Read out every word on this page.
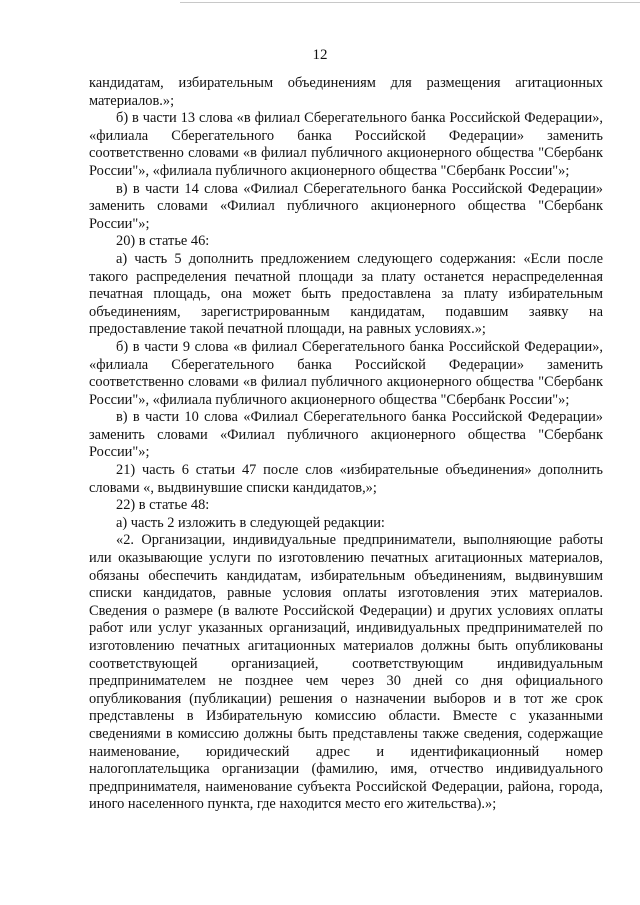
12

кандидатам, избирательным объединениям для размещения агитационных материалов.»;

б) в части 13 слова «в филиал Сберегательного банка Российской Федерации», «филиала Сберегательного банка Российской Федерации» заменить соответственно словами «в филиал публичного акционерного общества "Сбербанк России"», «филиала публичного акционерного общества "Сбербанк России"»;

в) в части 14 слова «Филиал Сберегательного банка Российской Федерации» заменить словами «Филиал публичного акционерного общества "Сбербанк России"»;

20) в статье 46:

а) часть 5 дополнить предложением следующего содержания: «Если после такого распределения печатной площади за плату останется нераспределенная печатная площадь, она может быть предоставлена за плату избирательным объединениям, зарегистрированным кандидатам, подавшим заявку на предоставление такой печатной площади, на равных условиях.»;

б) в части 9 слова «в филиал Сберегательного банка Российской Федерации», «филиала Сберегательного банка Российской Федерации» заменить соответственно словами «в филиал публичного акционерного общества "Сбербанк России"», «филиала публичного акционерного общества "Сбербанк России"»;

в) в части 10 слова «Филиал Сберегательного банка Российской Федерации» заменить словами «Филиал публичного акционерного общества "Сбербанк России"»;

21) часть 6 статьи 47 после слов «избирательные объединения» дополнить словами «, выдвинувшие списки кандидатов,»;

22) в статье 48:

а) часть 2 изложить в следующей редакции:

«2. Организации, индивидуальные предприниматели, выполняющие работы или оказывающие услуги по изготовлению печатных агитационных материалов, обязаны обеспечить кандидатам, избирательным объединениям, выдвинувшим списки кандидатов, равные условия оплаты изготовления этих материалов. Сведения о размере (в валюте Российской Федерации) и других условиях оплаты работ или услуг указанных организаций, индивидуальных предпринимателей по изготовлению печатных агитационных материалов должны быть опубликованы соответствующей организацией, соответствующим индивидуальным предпринимателем не позднее чем через 30 дней со дня официального опубликования (публикации) решения о назначении выборов и в тот же срок представлены в Избирательную комиссию области. Вместе с указанными сведениями в комиссию должны быть представлены также сведения, содержащие наименование, юридический адрес и идентификационный номер налогоплательщика организации (фамилию, имя, отчество индивидуального предпринимателя, наименование субъекта Российской Федерации, района, города, иного населенного пункта, где находится место его жительства).»;
